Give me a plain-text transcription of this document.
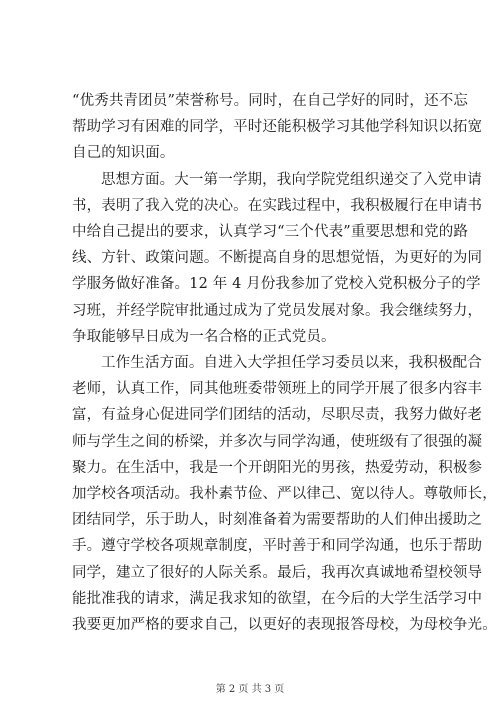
“优秀共青团员”荣誉称号。同时，在自己学好的同时，还不忘
帮助学习有困难的同学，平时还能积极学习其他学科知识以拓宽
自己的知识面。

思想方面。大一第一学期，我向学院党组织递交了入党申请
书，表明了我入党的决心。在实践过程中，我积极履行在申请书
中给自己提出的要求，认真学习“三个代表”重要思想和党的路
线、方针、政策问题。不断提高自身的思想觉悟，为更好的为同
学服务做好准备。12 年 4 月份我参加了党校入党积极分子的学
习班，并经学院审批通过成为了党员发展对象。我会继续努力，
争取能够早日成为一名合格的正式党员。

工作生活方面。自进入大学担任学习委员以来，我积极配合
老师，认真工作，同其他班委带领班上的同学开展了很多内容丰
富，有益身心促进同学们团结的活动，尽职尽责，我努力做好老
师与学生之间的桥梁，并多次与同学沟通，使班级有了很强的凝
聚力。在生活中，我是一个开朗阳光的男孩，热爱劳动，积极参
加学校各项活动。我朴素节俭、严以律己、宽以待人。尊敬师长，
团结同学，乐于助人，时刻准备着为需要帮助的人们伸出援助之
手。遵守学校各项规章制度，平时善于和同学沟通，也乐于帮助
同学，建立了很好的人际关系。最后，我再次真诚地希望校领导
能批准我的请求，满足我求知的欲望，在今后的大学生活学习中
我要更加严格的要求自己，以更好的表现报答母校，为母校争光。

第 2 页 共 3 页
